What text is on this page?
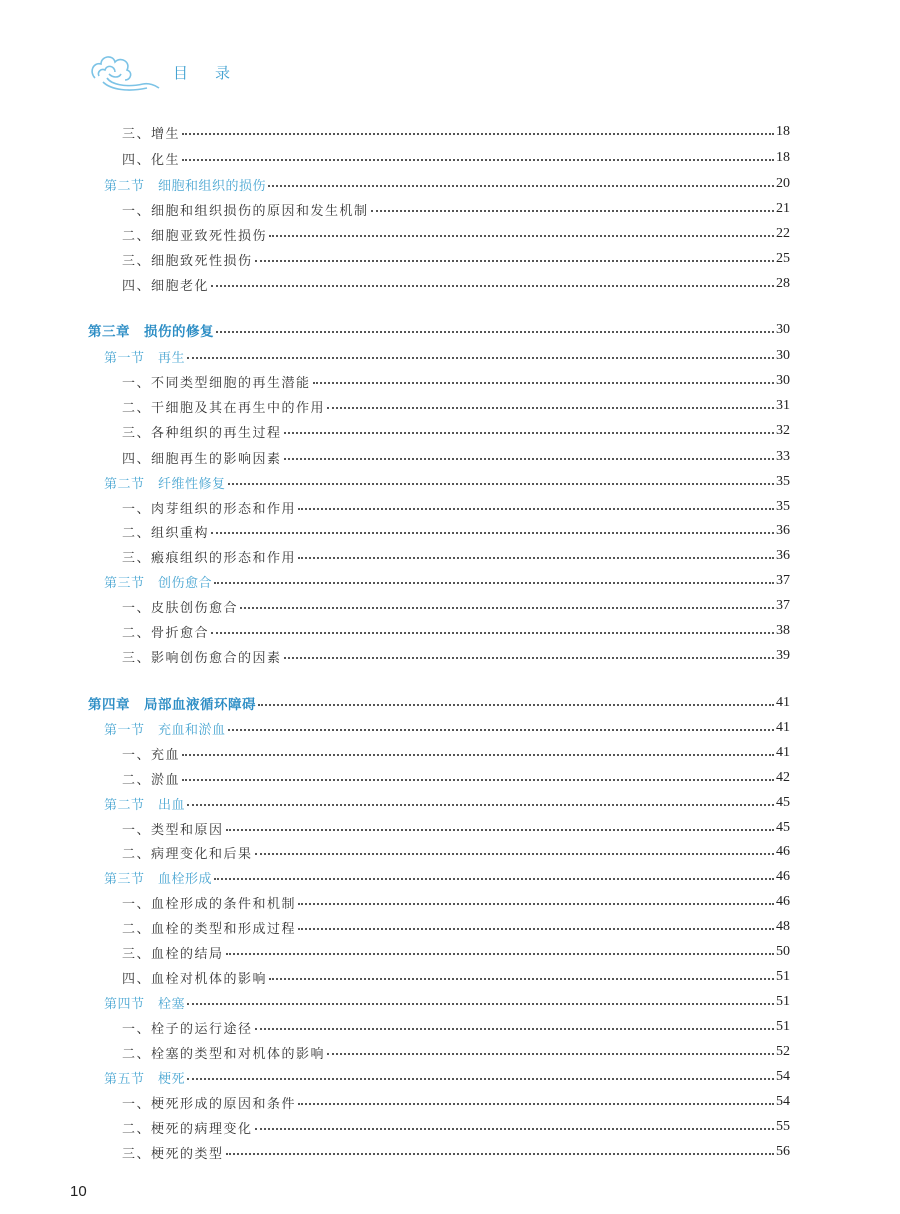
目 录
三、增生	18
四、化生	18
第二节　细胞和组织的损伤	20
一、细胞和组织损伤的原因和发生机制	21
二、细胞亚致死性损伤	22
三、细胞致死性损伤	25
四、细胞老化	28
第三章　损伤的修复	30
第一节　再生	30
一、不同类型细胞的再生潜能	30
二、干细胞及其在再生中的作用	31
三、各种组织的再生过程	32
四、细胞再生的影响因素	33
第二节　纤维性修复	35
一、肉芽组织的形态和作用	35
二、组织重构	36
三、瘢痕组织的形态和作用	36
第三节　创伤愈合	37
一、皮肤创伤愈合	37
二、骨折愈合	38
三、影响创伤愈合的因素	39
第四章　局部血液循环障碍	41
第一节　充血和淤血	41
一、充血	41
二、淤血	42
第二节　出血	45
一、类型和原因	45
二、病理变化和后果	46
第三节　血栓形成	46
一、血栓形成的条件和机制	46
二、血栓的类型和形成过程	48
三、血栓的结局	50
四、血栓对机体的影响	51
第四节　栓塞	51
一、栓子的运行途径	51
二、栓塞的类型和对机体的影响	52
第五节　梗死	54
一、梗死形成的原因和条件	54
二、梗死的病理变化	55
三、梗死的类型	56
10
